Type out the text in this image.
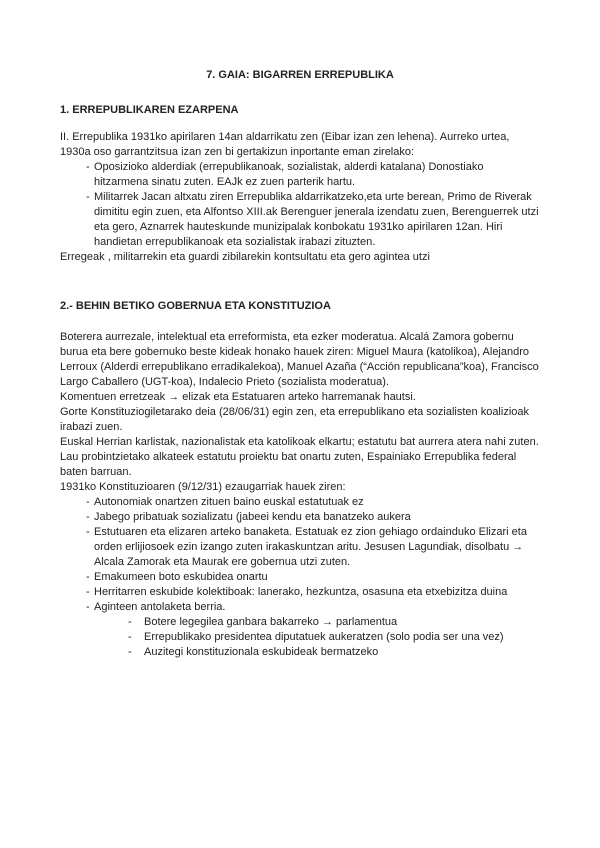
7. GAIA: BIGARREN ERREPUBLIKA
1. ERREPUBLIKAREN EZARPENA

II. Errepublika 1931ko apirilaren 14an aldarrikatu zen (Eibar izan zen lehena). Aurreko urtea, 1930a oso garrantzitsua izan zen bi gertakizun inportante eman zirelako:

- Oposizioko alderdiak (errepublikanoak, sozialistak, alderdi katalana) Donostiako hitzarmena sinatu zuten. EAJk ez zuen parterik hartu.
- Militarrek Jacan altxatu ziren Errepublika aldarrikatzeko,eta urte berean, Primo de Riverak dimititu egin zuen, eta Alfontso XIII.ak Berenguer jenerala izendatu zuen, Berenguerrek utzi eta gero, Aznarrek hauteskunde munizipalak konbokatu 1931ko apirilaren 12an. Hiri handietan errepublikanoak eta sozialistak irabazi zituzten.

Erregeak , militarrekin eta guardi zibilarekin kontsultatu eta gero agintea utzi

2.- BEHIN BETIKO GOBERNUA ETA KONSTITUZIOA

Boterera aurrezale, intelektual eta erreformista, eta ezker moderatua. Alcalá Zamora gobernu burua eta bere gobernuko beste kideak honako hauek ziren: Miguel Maura (katolikoa), Alejandro Lerroux (Alderdi errepublikano erradikalekoa), Manuel Azaña (“Acción republicana”koa), Francisco Largo Caballero (UGT-koa), Indalecio Prieto (sozialista moderatua).

Komentuen erretzeak → elizak eta Estatuaren arteko harremanak hautsi.

Gorte Konstituziogiletarako deia (28/06/31) egin zen, eta errepublikano eta sozialisten koalizioak irabazi zuen.

Euskal Herrian karlistak, nazionalistak eta katolikoak elkartu; estatutu bat aurrera atera nahi zuten. Lau probintzietako alkateek estatutu proiektu bat onartu zuten, Espainiako Errepublika federal baten barruan.

1931ko Konstituzioaren (9/12/31) ezaugarriak hauek ziren:

- Autonomiak onartzen zituen baino euskal estatutuak ez
- Jabego pribatuak sozializatu (jabeei kendu eta banatzeko aukera
- Estutuaren eta elizaren arteko banaketa. Estatuak ez zion gehiago ordainduko Elizari eta orden erlijiosoek ezin izango zuten irakaskuntzan aritu. Jesusen Lagundiak, disolbatu → Alcala Zamorak eta Maurak ere gobernua utzi zuten.
- Emakumeen boto eskubidea onartu
- Herritarren eskubide kolektiboak: lanerako, hezkuntza, osasuna eta etxebizitza duina
- Aginteen antolaketa berria.
- Botere legegilea ganbara bakarreko → parlamentua
- Errepublikako presidentea diputatuek aukeratzen (solo podia ser una vez)
- Auzitegi konstituzionala eskubideak bermatzeko
